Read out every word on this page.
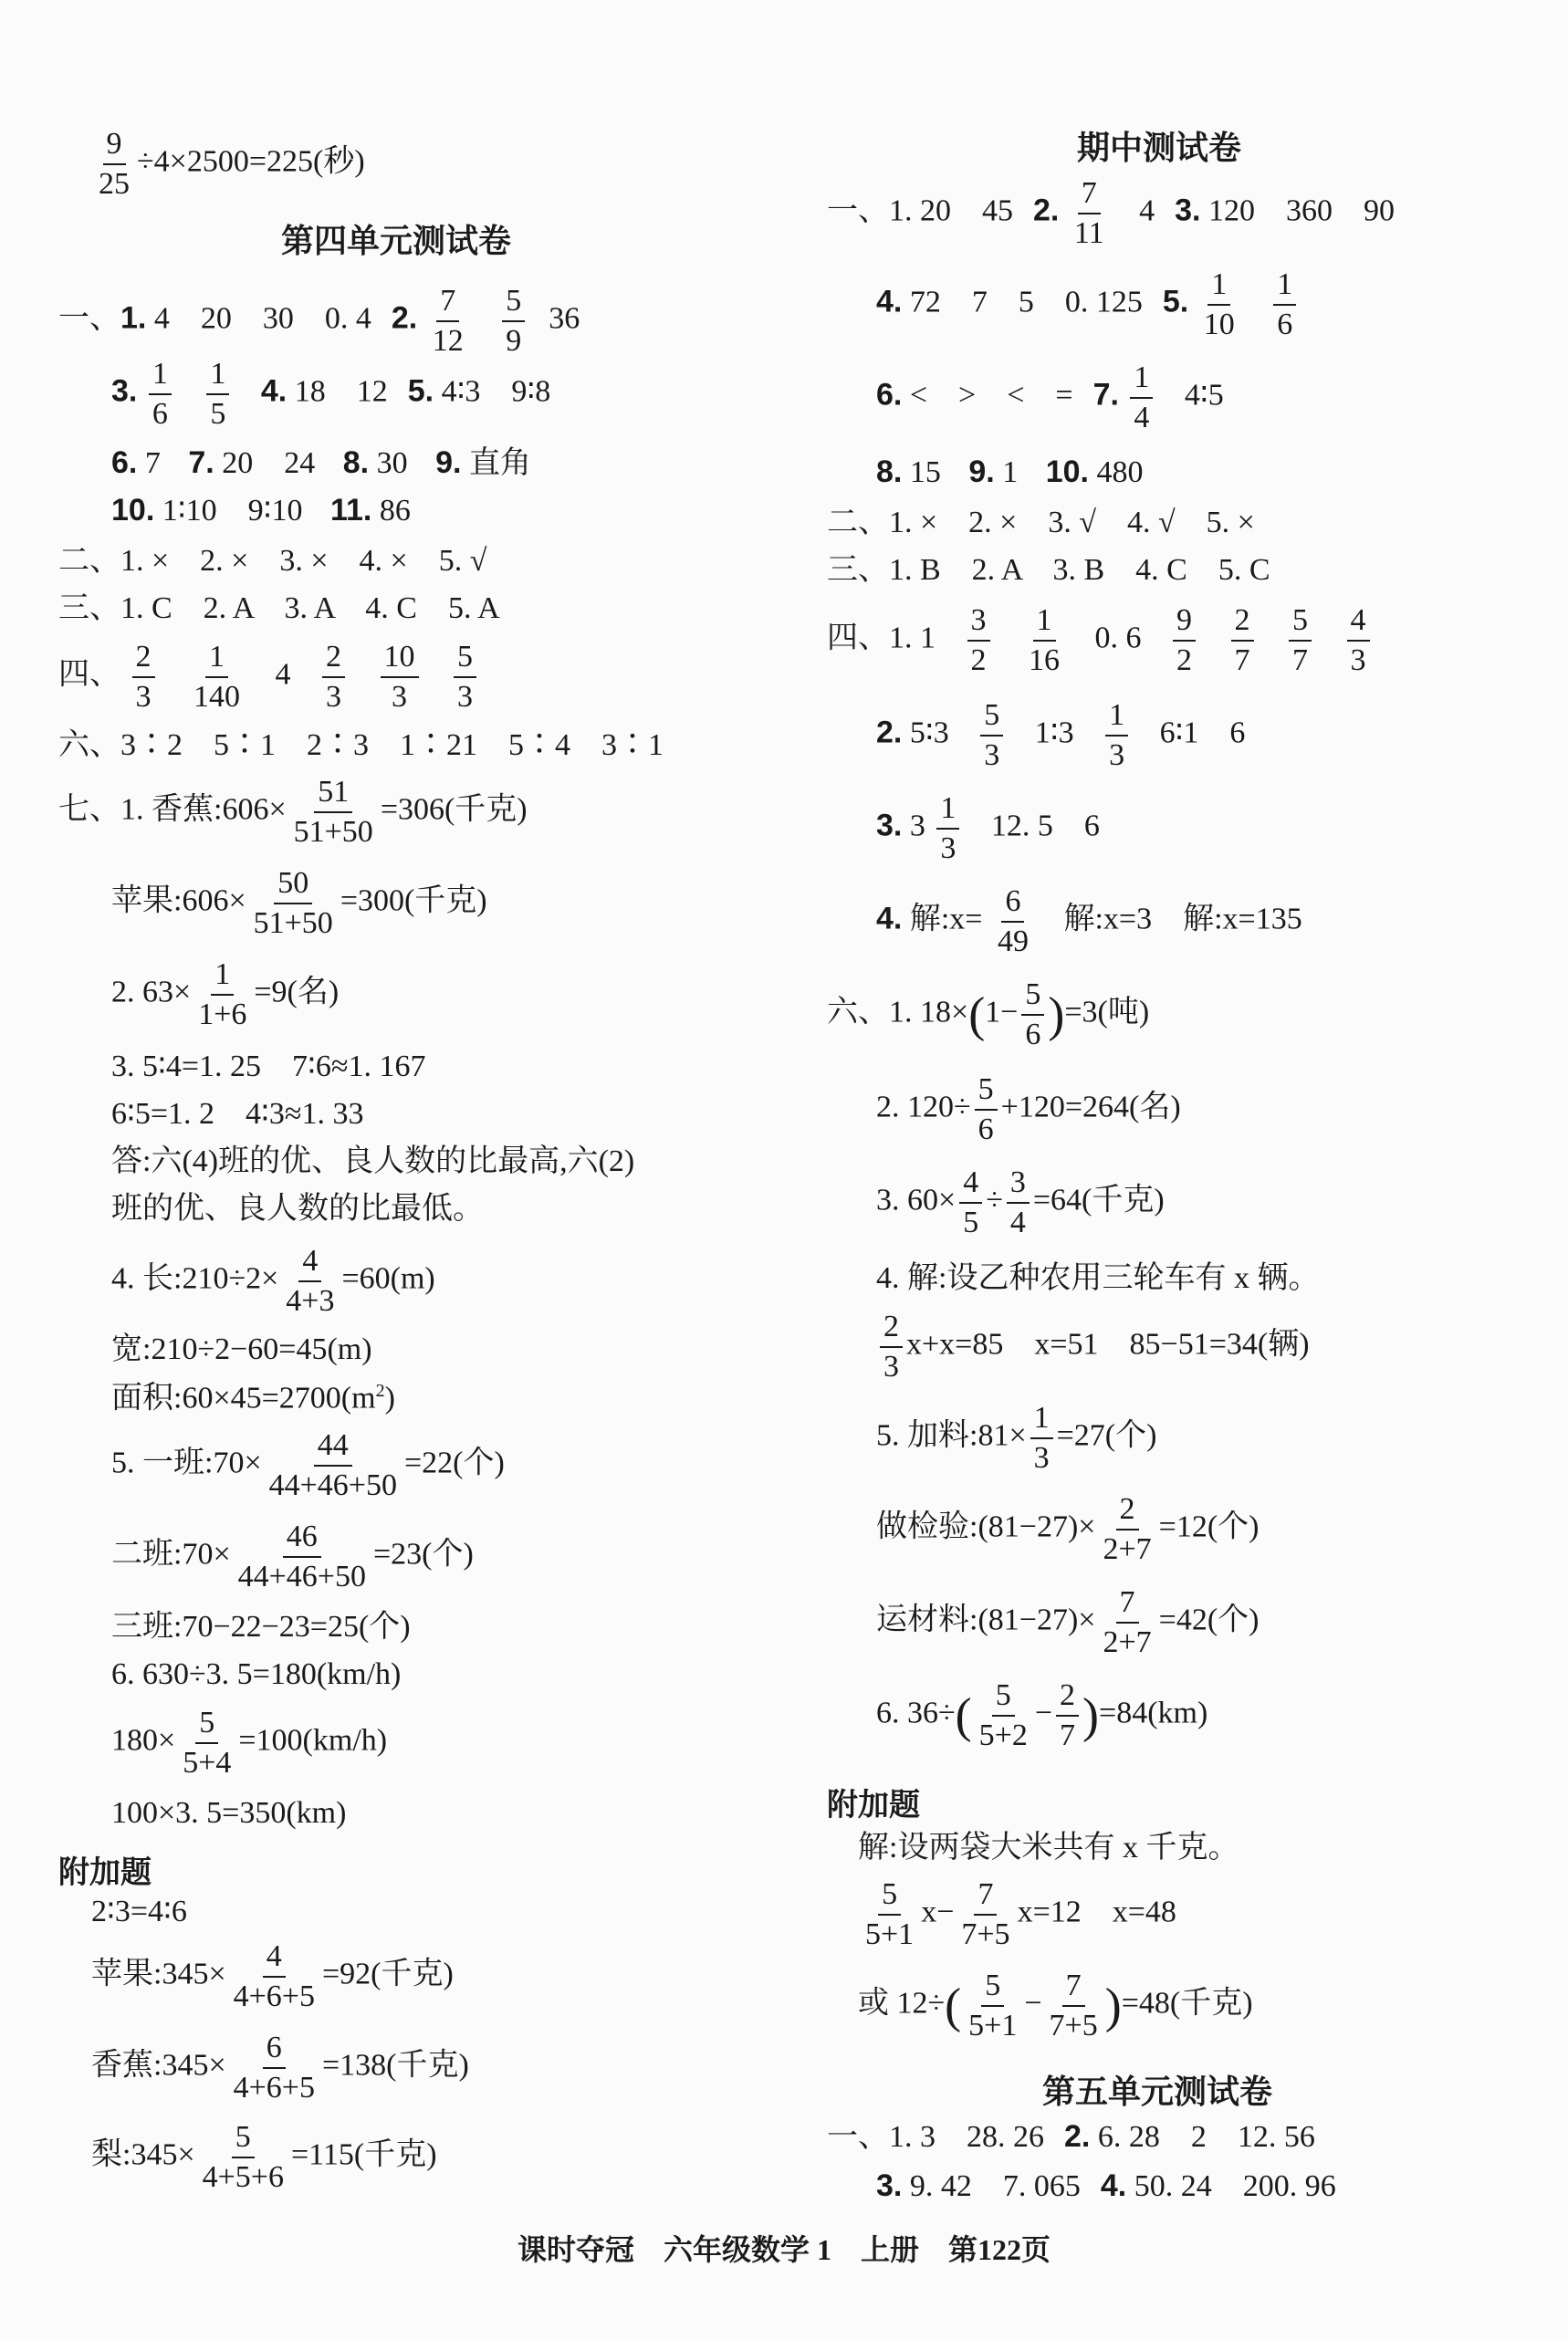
$\frac{9}{25} \div 4\times 2500=225$(秒)
第四单元测试卷
一、1. 4　20　30　0. 4 2. $\frac{7}{12}$
$\frac{5}{9} 36$
3. $\frac{1}{6}$
$\frac{1}{5} 4$. 18　12 5. 4∶3　9∶8
6. 7 7. 20　24 8. 30 9. 直角
10. 1∶10　9∶10 11. 86
二、1. ×　2. ×　3. ×　4. ×　5. √
三、1. C　2. A　3. A　4. C　5. A
四、 $\frac{2}{3}$
$\frac{1}{140} 4 \frac{2}{3}$
$\frac{10}{3}$
$\frac{5}{3}$
六、3∶2　5∶1　2∶3　1∶21　5∶4　3∶1
七、1. 香蕉:606× $\frac{51}{51+50} =306$(千克)
苹果:606× $\frac{50}{51+50} =300$(千克)
2. $63\times \frac{1}{1+6} =9$(名)
3. 5∶4=1. 25　7∶6≈1. 167
6∶5=1. 2　4∶3≈1. 33
答:六(4)班的优、良人数的比最高,六(2)
班的优、良人数的比最低。
4. 长:210÷2× $\frac{4}{4+3} =60(m)$
宽:210÷2−60=45(m)
面积$:60\times 45=2700(m^2)$
5. 一班:70× $\frac{44}{44+46+50} =22$(个)
二班:70× $\frac{46}{44+46+50} =23$(个)
三班:70−22−23=25(个)
6. 630÷3. 5=180(km/h)
$180\times \frac{5}{5+4} =100(km/h)$
100×3. 5=350(km)
附加题
2∶3=4∶6
苹果:345× $\frac{4}{4+6+5} =92$(千克)
香蕉:345× $\frac{6}{4+6+5} =138$(千克)
梨:345× $\frac{5}{4+5+6} =115$(千克)
期中测试卷
一、1. 20　45 2. $\frac{7}{11} 4$ 3. 120　360　90
4. 72　7　5　0. 125 5. $\frac{1}{10}$
$\frac{1}{6}$
6. <　>　<　= 7. $\frac{1}{4}$ 4∶5
8. 15 9. 1 10. 480
二、1. ×　2. ×　3. √　4. √　5. ×
三、1. B　2. A　3. B　4. C　5. C
四、1. $1 \frac{3}{2}$
$\frac{1}{16} 0$. $6 \frac{9}{2}$
$\frac{2}{7}$
$\frac{5}{7}$
$\frac{4}{3}$
2. 5∶3 $\frac{5}{3}$ 1∶3 $\frac{1}{3}$ 6∶1　6
3. $3 \frac{1}{3} 12$. 5　6
4. 解:x= $\frac{6}{49}$ 解:x=3　解:x=135
六、1. $18\times(1- \frac{5}{6} )=3$(吨)
2. $120\div \frac{5}{6} +120=264$(名)
3. $60\times \frac{4}{5} \div \frac{3}{4} =64$(千克)
4. 解:设乙种农用三轮车有 x 辆。
$\frac{2}{3} x+x=85$　x=51　85−51=34(辆)
5. 加料:81× $\frac{1}{3} =27$(个)
做检验:(81−27)× $\frac{2}{2+7} =12$(个)
运材料:(81−27)× $\frac{7}{2+7} =42$(个)
6. $36\div( \frac{5}{5+2} - \frac{2}{7} )=84(km)$
附加题
解:设两袋大米共有 x 千克。
$\frac{5}{5+1} x- \frac{7}{7+5} x=12$　x=48
或 $12\div( \frac{5}{5+1} - \frac{7}{7+5} )=48$(千克)
第五单元测试卷
一、1. 3　28. 26 2. 6. 28　2　12. 56
3. 9. 42　7. 065 4. 50. 24　200. 96
课时夺冠　六年级数学 1　上册　第122页
